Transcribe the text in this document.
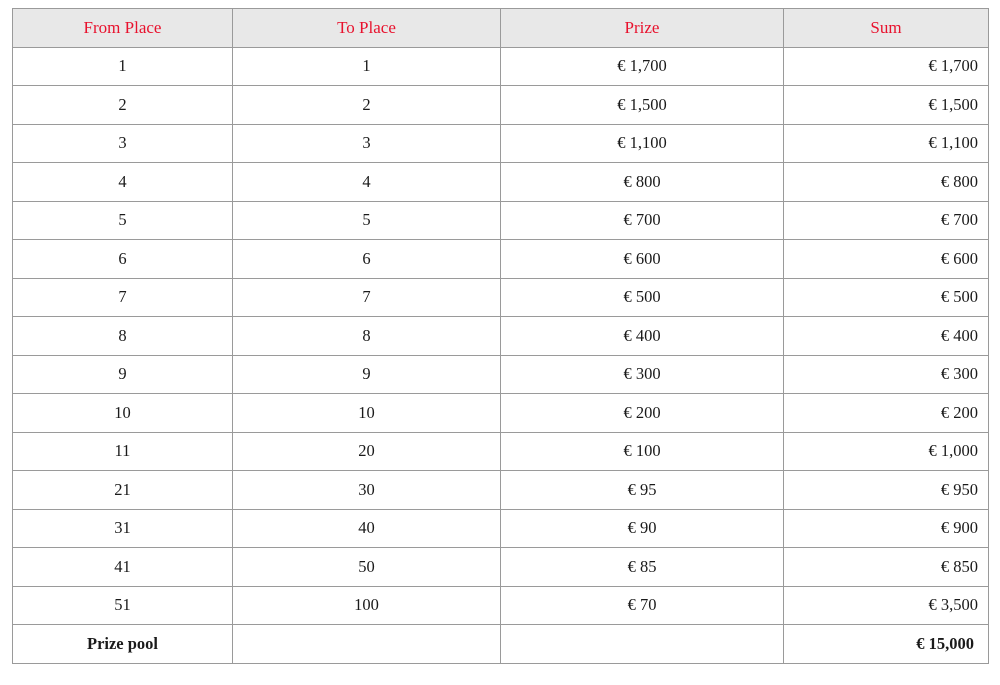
From Place	To Place	Prize	Sum
1	1	€ 1,700	€ 1,700
2	2	€ 1,500	€ 1,500
3	3	€ 1,100	€ 1,100
4	4	€ 800	€ 800
5	5	€ 700	€ 700
6	6	€ 600	€ 600
7	7	€ 500	€ 500
8	8	€ 400	€ 400
9	9	€ 300	€ 300
10	10	€ 200	€ 200
11	20	€ 100	€ 1,000
21	30	€ 95	€ 950
31	40	€ 90	€ 900
41	50	€ 85	€ 850
51	100	€ 70	€ 3,500
Prize pool			€ 15,000
